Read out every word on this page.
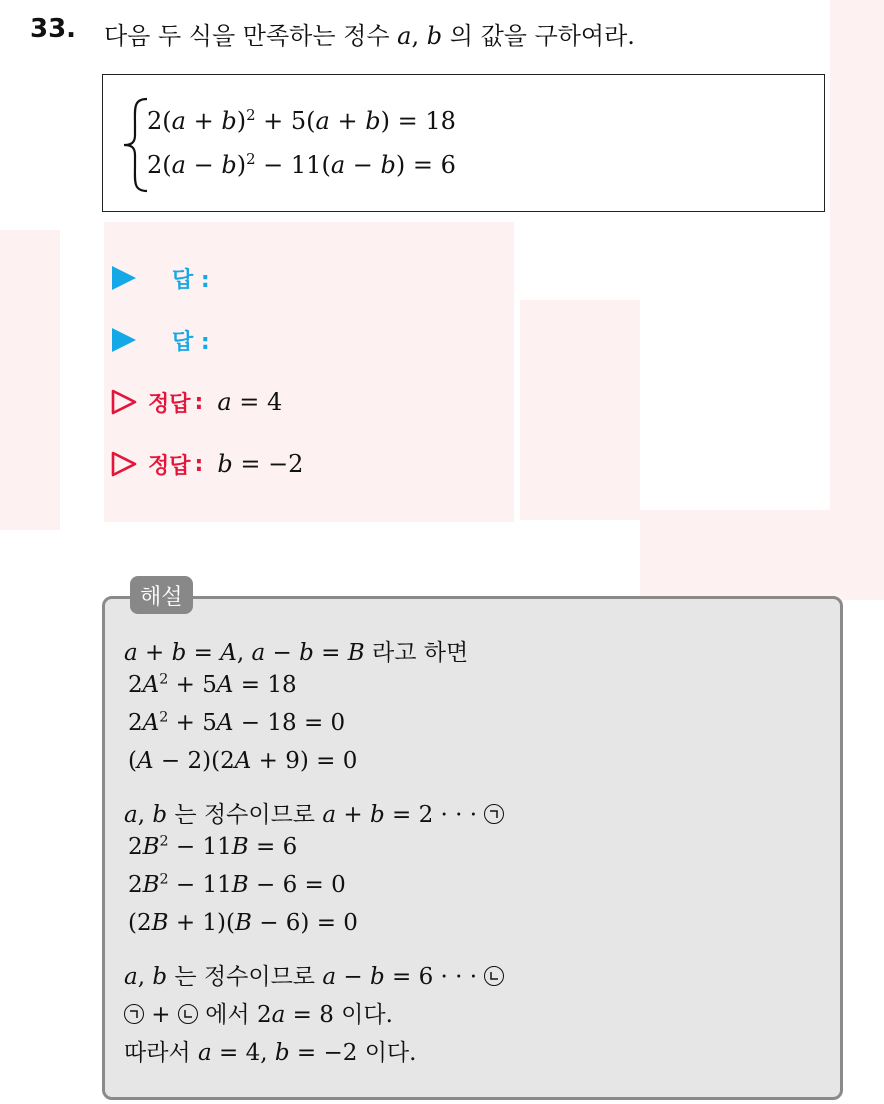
33. 다음 두 식을 만족하는 정수 a, b 의 값을 구하여라.
$2(a + b)^2 + 5(a + b) = 18$
$2(a - b)^2 - 11(a - b) = 6$
답 :
답 :
정답 : a = 4
정답 : b = −2
해설
a + b = A, a − b = B 라고 하면
$2A^2 + 5A = 18$
$2A^2 + 5A - 18 = 0$
(A − 2)(2A + 9) = 0
a, b 는 정수이므로 a + b = 2 · · ·
$2B^2 - 11B = 6$
$2B^2 - 11B - 6 = 0$
(2B + 1)(B − 6) = 0
a, b 는 정수이므로 a − b = 6 · · ·
+
에서 2a = 8 이다.
따라서 a = 4, b = −2 이다.
